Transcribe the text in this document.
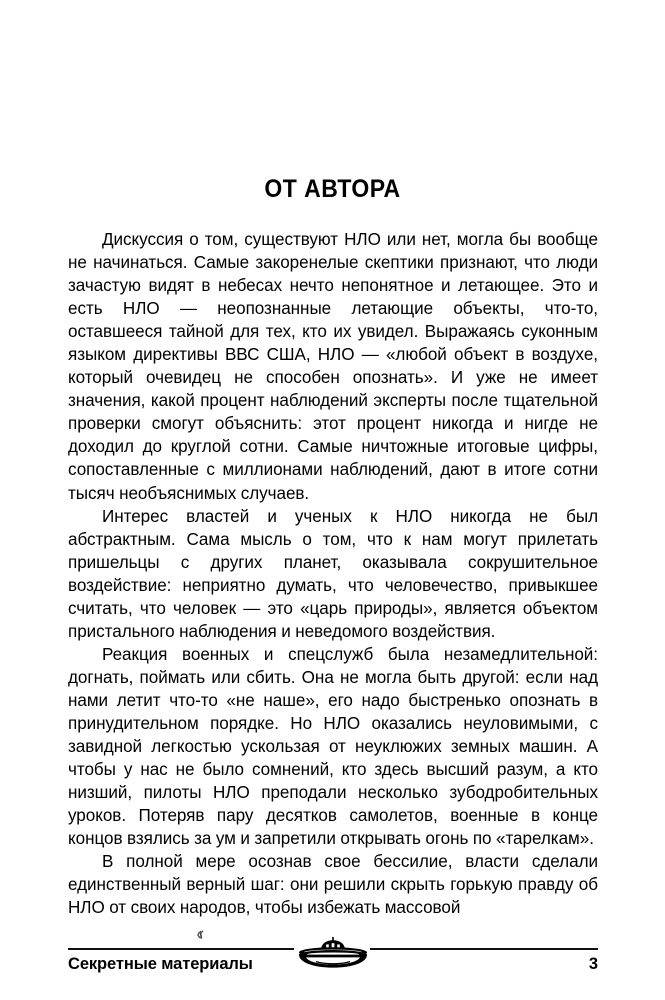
ОТ АВТОРА

Дискуссия о том, существуют НЛО или нет, могла бы вообще не начинаться. Самые закоренелые скептики признают, что люди зачастую видят в небесах нечто непонятное и летающее. Это и есть НЛО — неопознанные летающие объекты, что-то, оставшееся тайной для тех, кто их увидел. Выражаясь суконным языком директивы ВВС США, НЛО — «любой объект в воздухе, который очевидец не способен опознать». И уже не имеет значения, какой процент наблюдений эксперты после тщательной проверки смогут объяснить: этот процент никогда и нигде не доходил до круглой сотни. Самые ничтожные итоговые цифры, сопоставленные с миллионами наблюдений, дают в итоге сотни тысяч необъяснимых случаев.

Интерес властей и ученых к НЛО никогда не был абстрактным. Сама мысль о том, что к нам могут прилетать пришельцы с других планет, оказывала сокрушительное воздействие: неприятно думать, что человечество, привыкшее считать, что человек — это «царь природы», является объектом пристального наблюдения и неведомого воздействия.

Реакция военных и спецслужб была незамедлительной: догнать, поймать или сбить. Она не могла быть другой: если над нами летит что-то «не наше», его надо быстренько опознать в принудительном порядке. Но НЛО оказались неуловимыми, с завидной легкостью ускользая от неуклюжих земных машин. А чтобы у нас не было сомнений, кто здесь высший разум, а кто низший, пилоты НЛО преподали несколько зубодробительных уроков. Потеряв пару десятков самолетов, военные в конце концов взялись за ум и запретили открывать огонь по «тарелкам».

В полной мере осознав свое бессилие, власти сделали единственный верный шаг: они решили скрыть горькую правду об НЛО от своих народов, чтобы избежать массовой

‹r
Секретные материалы	3
